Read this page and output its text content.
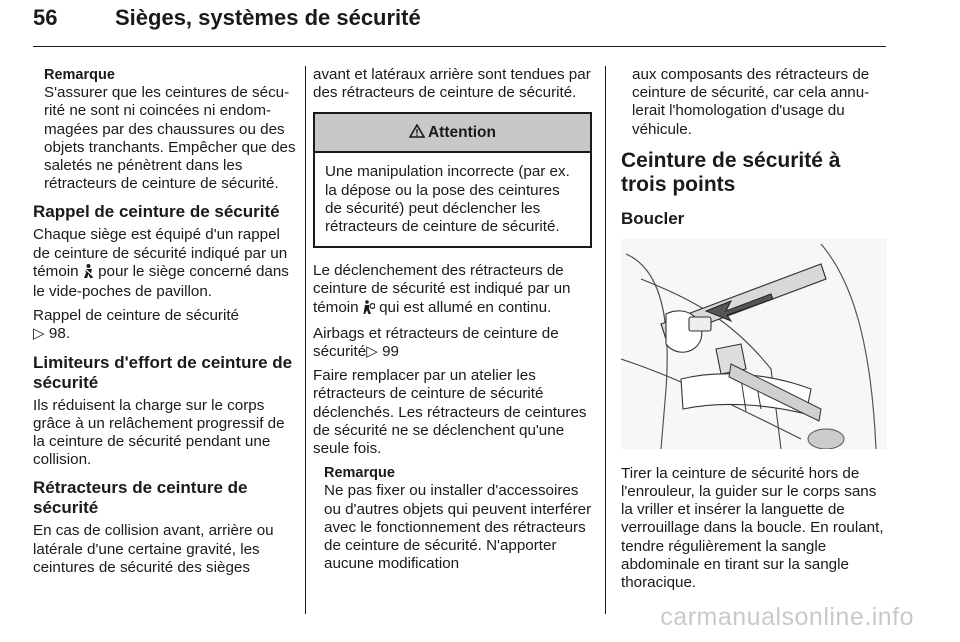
56	Sièges, systèmes de sécurité

Remarque

S'assurer que les ceintures de sécurité ne sont ni coincées ni endommagées par des chaussures ou des objets tranchants. Empêcher que des saletés ne pénètrent dans les rétracteurs de ceinture de sécurité.

Rappel de ceinture de sécurité

Chaque siège est équipé d'un rappel de ceinture de sécurité indiqué par un témoin pour le siège concerné dans le vide-poches de pavillon.

Rappel de ceinture de sécurité
▷ 98.

Limiteurs d'effort de ceinture de sécurité

Ils réduisent la charge sur le corps grâce à un relâchement progressif de la ceinture de sécurité pendant une collision.

Rétracteurs de ceinture de sécurité

En cas de collision avant, arrière ou latérale d'une certaine gravité, les ceintures de sécurité des sièges

avant et latéraux arrière sont tendues par des rétracteurs de ceinture de sécurité.

Attention

Une manipulation incorrecte (par ex. la dépose ou la pose des ceintures de sécurité) peut déclencher les rétracteurs de ceinture de sécurité.

Le déclenchement des rétracteurs de ceinture de sécurité est indiqué par un témoin qui est allumé en continu.

Airbags et rétracteurs de ceinture de sécurité▷ 99

Faire remplacer par un atelier les rétracteurs de ceinture de sécurité déclenchés. Les rétracteurs de ceintures de sécurité ne se déclenchent qu'une seule fois.

Remarque

Ne pas fixer ou installer d'accessoires ou d'autres objets qui peuvent interférer avec le fonctionnement des rétracteurs de ceinture de sécurité. N'apporter aucune modification

aux composants des rétracteurs de ceinture de sécurité, car cela annulerait l'homologation d'usage du véhicule.

Ceinture de sécurité à trois points

Boucler

Tirer la ceinture de sécurité hors de l'enrouleur, la guider sur le corps sans la vriller et insérer la languette de verrouillage dans la boucle. En roulant, tendre régulièrement la sangle abdominale en tirant sur la sangle thoracique.

carmanualsonline.info
